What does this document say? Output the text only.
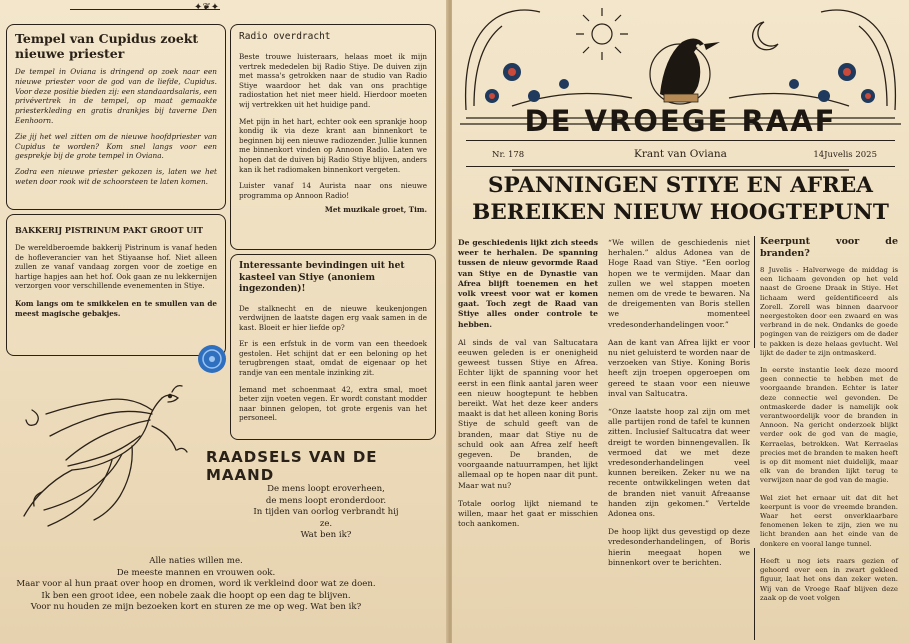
✦❦✦

Tempel van Cupidus zoekt nieuwe priester

De tempel in Oviana is dringend op zoek naar een nieuwe priester voor de god van de liefde, Cupidus. Voor deze positie bieden zij: een standaardsalaris, een privévertrek in de tempel, op maat gemaakte priesterkleding en gratis drankjes bij taverne Den Eenhoorn.

Zie jij het wel zitten om de nieuwe hoofdpriester van Cupidus te worden? Kom snel langs voor een gesprekje bij de grote tempel in Oviana.

Zodra een nieuwe priester gekozen is, laten we het weten door rook wit de schoorsteen te laten komen.

Radio overdracht

Beste trouwe luisteraars, helaas moet ik mijn vertrek mededelen bij Radio Stiye. De duiven zijn met massa's getrokken naar de studio van Radio Stiye waardoor het dak van ons prachtige radiostation het niet meer hield. Hierdoor moeten wij vertrekken uit het huidige pand.

Met pijn in het hart, echter ook een sprankje hoop kondig ik via deze krant aan binnenkort te beginnen bij een nieuwe radiozender. Jullie kunnen me binnenkort vinden op Annoon Radio. Laten we hopen dat de duiven bij Radio Stiye blijven, anders kan ik het radiomaken binnenkort vergeten.

Luister vanaf 14 Aurista naar ons nieuwe programma op Annoon Radio!

Met muzikale groet, Tim.

BAKKERIJ PISTRINUM PAKT GROOT UIT

De wereldberoemde bakkerij Pistrinum is vanaf heden de hofleverancier van het Stiyaanse hof. Niet alleen zullen ze vanaf vandaag zorgen voor de zoetige en hartige hapjes aan het hof. Ook gaan ze nu lekkernijen verzorgen voor verschillende evenementen in Stiye.

Kom langs om te smikkelen en te smullen van de meest magische gebakjes.

Interessante bevindingen uit het kasteel van Stiye (anoniem ingezonden)!

De stalknecht en de nieuwe keukenjongen verdwijnen de laatste dagen erg vaak samen in de kast. Bloeit er hier liefde op?

Er is een erfstuk in de vorm van een theedoek gestolen. Het schijnt dat er een beloning op het terugbrengen staat, omdat de eigenaar op het randje van een mentale inzinking zit.

Iemand met schoenmaat 42, extra smal, moet beter zijn voeten vegen. Er wordt constant modder naar binnen gelopen, tot grote ergenis van het personeel.

RAADSELS VAN DE MAAND
De mens loopt eroverheen,
de mens loopt eronderdoor.
In tijden van oorlog verbrandt hij ze.
Wat ben ik?
Alle naties willen me.
De meeste mannen en vrouwen ook.
Maar voor al hun praat over hoop en dromen, word ik verkleind door wat ze doen.
Ik ben een groot idee, een nobele zaak die hoopt op een dag te blijven.
Voor nu houden ze mijn bezoeken kort en sturen ze me op weg. Wat ben ik?
DE VROEGE RAAF
Nr. 178	Krant van Oviana	14Juvelis 2025
SPANNINGEN STIYE EN AFREA
BEREIKEN NIEUW HOOGTEPUNT

De geschiedenis lijkt zich steeds weer te herhalen. De spanning tussen de nieuw gevormde Raad van Stiye en de Dynastie van Afrea blijft toenemen en het volk vreest voor wat er komen gaat. Toch zegt de Raad van Stiye alles onder controle te hebben.

Al sinds de val van Saltucatara eeuwen geleden is er onenigheid geweest tussen Stiye en Afrea. Echter lijkt de spanning voor het eerst in een flink aantal jaren weer een nieuw hoogtepunt te hebben bereikt. Wat het deze keer anders maakt is dat het alleen koning Boris Stiye de schuld geeft van de branden, maar dat Stiye nu de schuld ook aan Afrea zelf heeft gegeven. De branden, de voorgaande natuurrampen, het lijkt allemaal op te hopen naar dit punt. Maar wat nu?

Totale oorlog lijkt niemand te willen, maar het gaat er misschien toch aankomen.

“We willen de geschiedenis niet herhalen.” aldus Adonea van de Hoge Raad van Stiye. “Een oorlog hopen we te vermijden. Maar dan zullen we wel stappen moeten nemen om de vrede te bewaren. Na de dreigementen van Boris stellen we momenteel vredesonderhandelingen voor.”

Aan de kant van Afrea lijkt er voor nu niet geluisterd te worden naar de verzoeken van Stiye. Koning Boris heeft zijn troepen opgeroepen om gereed te staan voor een nieuwe inval van Saltucatra.

“Onze laatste hoop zal zijn om met alle partijen rond de tafel te kunnen zitten. Inclusief Saltucatra dat weer dreigt te worden binnengevallen. Ik vermoed dat we met deze vredesonderhandelingen veel kunnen bereiken. Zeker nu we na recente ontwikkelingen weten dat de branden niet vanuit Afreaanse handen zijn gekomen.” Vertelde Adonea ons.

De hoop lijkt dus gevestigd op deze vredesonderhandelingen, of Boris hierin meegaat hopen we binnenkort over te berichten.

Keerpunt voor de branden?

8 Juvelis - Halverwege de middag is een lichaam gevonden op het veld naast de Groene Draak in Stiye. Het lichaam werd geïdentificeerd als Zorell. Zorell was binnen daarvoor neergestoken door een zwaard en was verbrand in de nek. Ondanks de goede pogingen van de reizigers om de dader te pakken is deze helaas gevlucht. Wel lijkt de dader te zijn ontmaskerd.

In eerste instantie leek deze moord geen connectie te hebben met de voorgaande branden. Echter is later deze connectie wel gevonden. De ontmaskerde dader is namelijk ook verantwoordelijk voor de branden in Annoon. Na gericht onderzoek blijkt verder ook de god van de magie, Kerraelas, betrokken. Wat Kerraelas precies met de branden te maken heeft is op dit moment niet duidelijk, maar elk van de branden lijkt terug te verwijzen naar de god van de magie.

Wel ziet het ernaar uit dat dit het keerpunt is voor de vreemde branden. Waar het eerst onverklaarbare fenomenen leken te zijn, zien we nu licht branden aan het einde van de donkere en vooral lange tunnel.

Heeft u nog iets raars gezien of gehoord over een in zwart gekleed figuur, laat het ons dan zeker weten. Wij van de Vroege Raaf blijven deze zaak op de voet volgen
